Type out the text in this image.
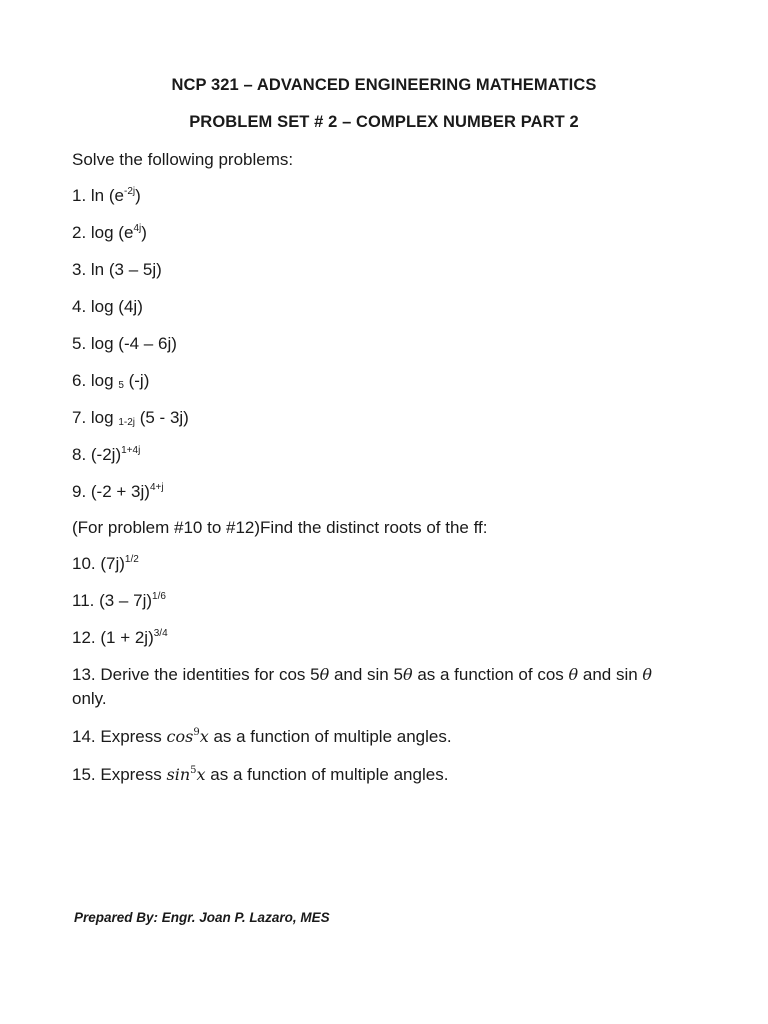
NCP 321 – ADVANCED ENGINEERING MATHEMATICS
PROBLEM SET # 2 – COMPLEX NUMBER PART 2
Solve the following problems:
1. $\ln (e^{-2j})$
2. $\log (e^{4j})$
3. ln (3 – 5j)
4. log (4j)
5. log (-4 – 6j)
6. log $_5$ (-j)
7. log $_{1-2j}$ (5 - 3j)
8. $(-2j)^{1+4j}$
9. $(-2 + 3j)^{4+j}$
(For problem #10 to #12)Find the distinct roots of the ff:
10. $(7j)^{1/2}$
11. (3 – 7j)$^{1/6}$
12. $(1 + 2j)^{3/4}$
13. Derive the identities for cos 5θ and sin 5θ as a function of cos θ and sin θ
only.
14. Express $\cos^9x$ as a function of multiple angles.
15. Express $\sin^5x$ as a function of multiple angles.
Prepared By: Engr. Joan P. Lazaro, MES
